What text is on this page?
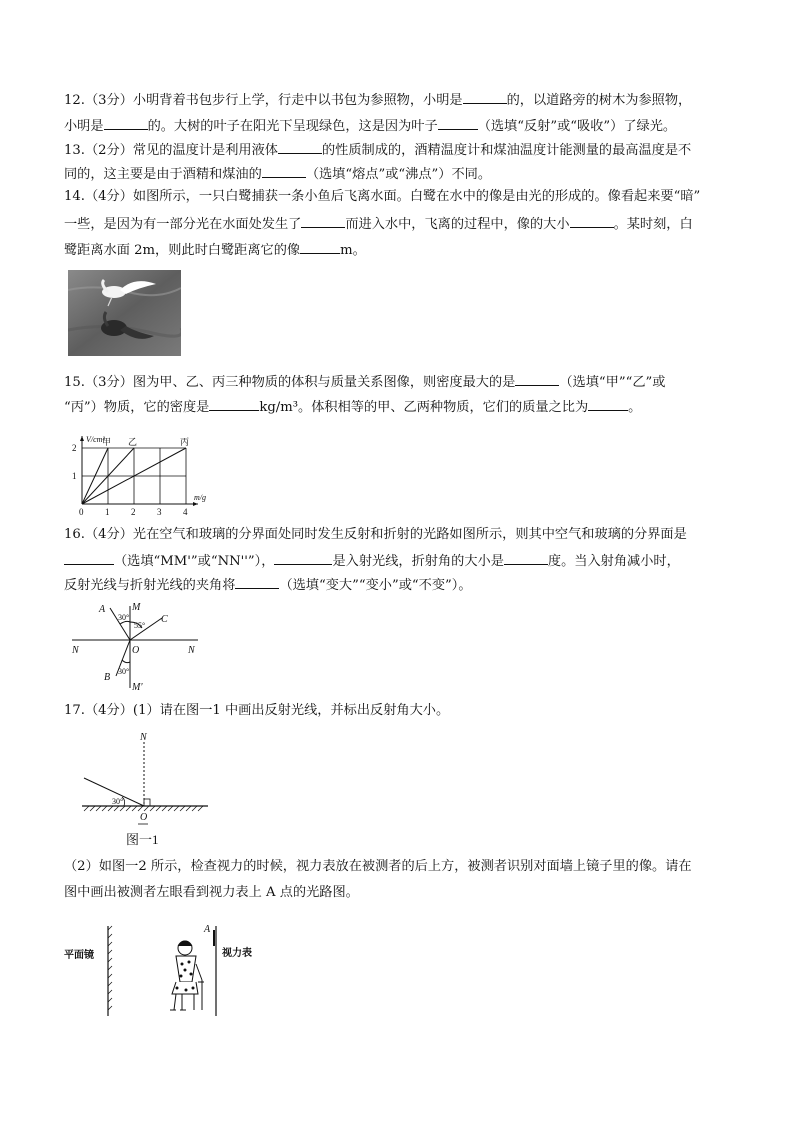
12.（3分）小明背着书包步行上学，行走中以书包为参照物，小明是	的，以道路旁的树木为参照物，
小明是	的。大树的叶子在阳光下呈现绿色，这是因为叶子	（选填“反射”或“吸收”）了绿光。
13.（2分）常见的温度计是利用液体	的性质制成的，酒精温度计和煤油温度计能测量的最高温度是不
同的，这主要是由于酒精和煤油的	（选填“熔点”或“沸点”）不同。
14.（4分）如图所示，一只白鹭捕获一条小鱼后飞离水面。白鹭在水中的像是由光的形成的。像看起来要“暗”
一些，是因为有一部分光在水面处发生了	而进入水中，飞离的过程中，像的大小	。某时刻，白
鹭距离水面 2m，则此时白鹭距离它的像	m。
15.（3分）图为甲、乙、丙三种物质的体积与质量关系图像，则密度最大的是	（选填“甲”“乙”或
“丙”）物质，它的密度是	kg/m³。体积相等的甲、乙两种物质，它们的质量之比为	。
甲 乙	丙
0 1 2 3 4
1
2
V/cm³
m/g
16.（4分）光在空气和玻璃的分界面处同时发生反射和折射的光路如图所示，则其中空气和玻璃的分界面是
（选填“MM'”或“NN''”），	是入射光线，折射角的大小是	度。当入射角减小时，
反射光线与折射光线的夹角将	（选填“变大”“变小”或“不变”）。
A	M
C
N	O	N
B
M'
30°
55°
30°
17.（4分）(1）请在图一1 中画出反射光线，并标出反射角大小。
N
30°
O
图一1
（2）如图一2 所示，检查视力的时候，视力表放在被测者的后上方，被测者识别对面墙上镜子里的像。请在
图中画出被测者左眼看到视力表上 A 点的光路图。
平面镜
A
视力表
